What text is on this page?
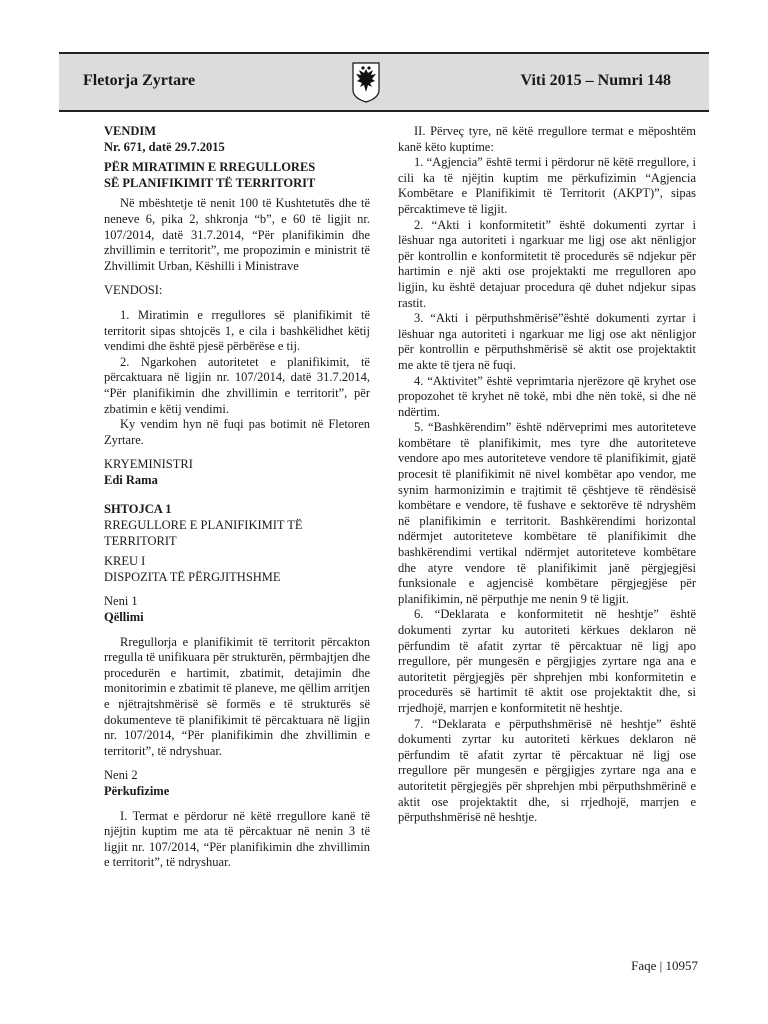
Fletorja Zyrtare	Viti 2015 – Numri 148

VENDIM

Nr. 671, datë 29.7.2015

PËR MIRATIMIN E RREGULLORES

SË PLANIFIKIMIT TË TERRITORIT

Në mbështetje të nenit 100 të Kushtetutës dhe të neneve 6, pika 2, shkronja “b”, e 60 të ligjit nr. 107/2014, datë 31.7.2014, “Për planifikimin dhe zhvillimin e territorit”, me propozimin e ministrit të Zhvillimit Urban, Këshilli i Ministrave

VENDOSI:

1. Miratimin e rregullores së planifikimit të territorit sipas shtojcës 1, e cila i bashkëlidhet këtij vendimi dhe është pjesë përbërëse e tij.

2. Ngarkohen autoritetet e planifikimit, të përcaktuara në ligjin nr. 107/2014, datë 31.7.2014, “Për planifikimin dhe zhvillimin e territorit”, për zbatimin e këtij vendimi.

Ky vendim hyn në fuqi pas botimit në Fletoren Zyrtare.

KRYEMINISTRI

Edi Rama

SHTOJCA 1

RREGULLORE E PLANIFIKIMIT TË

TERRITORIT

KREU I

DISPOZITA TË PËRGJITHSHME

Neni 1

Qëllimi

Rregullorja e planifikimit të territorit përcakton rregulla të unifikuara për strukturën, përmbajtjen dhe procedurën e hartimit, zbatimit, detajimin dhe monitorimin e zbatimit të planeve, me qëllim arritjen e njëtrajtshmërisë së formës e të strukturës së dokumenteve të planifikimit të përcaktuara në ligjin nr. 107/2014, “Për planifikimin dhe zhvillimin e territorit”, të ndryshuar.

Neni 2

Përkufizime

I. Termat e përdorur në këtë rregullore kanë të njëjtin kuptim me ata të përcaktuar në nenin 3 të ligjit nr. 107/2014, “Për planifikimin dhe zhvillimin e territorit”, të ndryshuar.

II. Përveç tyre, në këtë rregullore termat e mëposhtëm kanë këto kuptime:

1. “Agjencia” është termi i përdorur në këtë rregullore, i cili ka të njëjtin kuptim me përkufizimin “Agjencia Kombëtare e Planifikimit të Territorit (AKPT)”, sipas përcaktimeve të ligjit.

2. “Akti i konformitetit” është dokumenti zyrtar i lëshuar nga autoriteti i ngarkuar me ligj ose akt nënligjor për kontrollin e konformitetit të procedurës së ndjekur për hartimin e një akti ose projektakti me rregulloren apo ligjin, ku është detajuar procedura që duhet ndjekur sipas rastit.

3. “Akti i përputhshmërisë”është dokumenti zyrtar i lëshuar nga autoriteti i ngarkuar me ligj ose akt nënligjor për kontrollin e përputhshmërisë së aktit ose projektaktit me akte të tjera në fuqi.

4. “Aktivitet” është veprimtaria njerëzore që kryhet ose propozohet të kryhet në tokë, mbi dhe nën tokë, si dhe në ndërtim.

5. “Bashkërendim” është ndërveprimi mes autoriteteve kombëtare të planifikimit, mes tyre dhe autoriteteve vendore apo mes autoriteteve vendore të planifikimit, gjatë procesit të planifikimit në nivel kombëtar apo vendor, me synim harmonizimin e trajtimit të çështjeve të rëndësisë kombëtare e vendore, të fushave e sektorëve të ndryshëm në planifikimin e territorit. Bashkërendimi horizontal ndërmjet autoriteteve kombëtare të planifikimit dhe bashkërendimi vertikal ndërmjet autoriteteve kombëtare dhe atyre vendore të planifikimit janë përgjegjësi funksionale e agjencisë kombëtare përgjegjëse për planifikimin, në përputhje me nenin 9 të ligjit.

6. “Deklarata e konformitetit në heshtje” është dokumenti zyrtar ku autoriteti kërkues deklaron në përfundim të afatit zyrtar të përcaktuar në ligj apo rregullore, për mungesën e përgjigjes zyrtare nga ana e autoritetit përgjegjës për shprehjen mbi konformitetin e procedurës së hartimit të aktit ose projektaktit dhe, si rrjedhojë, marrjen e konformitetit në heshtje.

7. “Deklarata e përputhshmërisë në heshtje” është dokumenti zyrtar ku autoriteti kërkues deklaron në përfundim të afatit zyrtar të përcaktuar në ligj ose rregullore për mungesën e përgjigjes zyrtare nga ana e autoritetit përgjegjës për shprehjen mbi përputhshmërinë e aktit ose projektaktit dhe, si rrjedhojë, marrjen e përputhshmërisë në heshtje.

Faqe | 10957
